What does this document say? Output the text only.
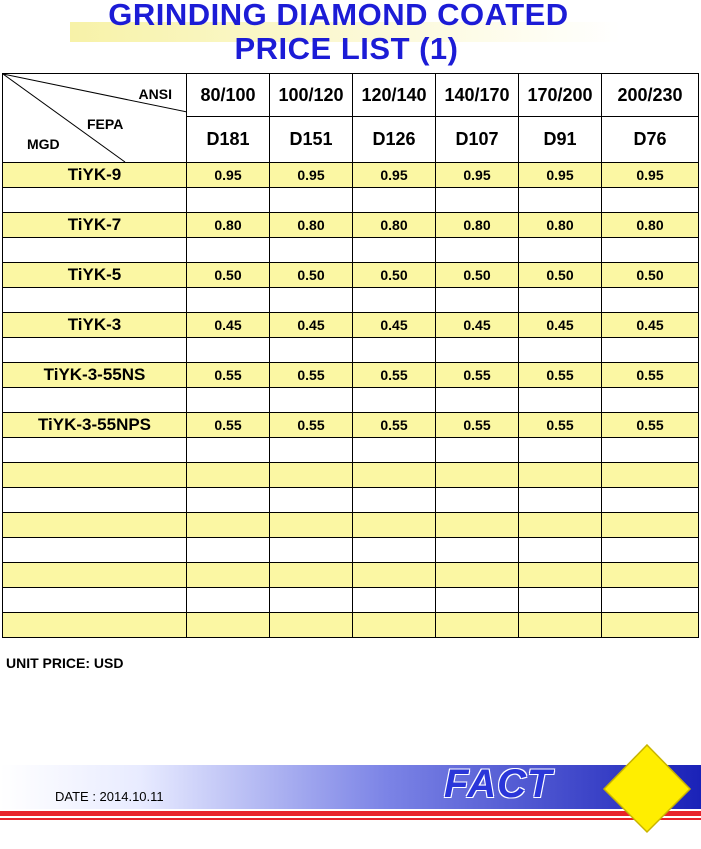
GRINDING DIAMOND COATED
PRICE LIST (1)
ANSI
FEPA
MGD	80/100	100/120	120/140	140/170	170/200	200/230
	D181	D151	D126	D107	D91	D76
TiYK-9	0.95	0.95	0.95	0.95	0.95	0.95

TiYK-7	0.80	0.80	0.80	0.80	0.80	0.80

TiYK-5	0.50	0.50	0.50	0.50	0.50	0.50

TiYK-3	0.45	0.45	0.45	0.45	0.45	0.45

TiYK-3-55NS	0.55	0.55	0.55	0.55	0.55	0.55

TiYK-3-55NPS	0.55	0.55	0.55	0.55	0.55	0.55

UNIT PRICE: USD
DATE : 2014.10.11	FACT
